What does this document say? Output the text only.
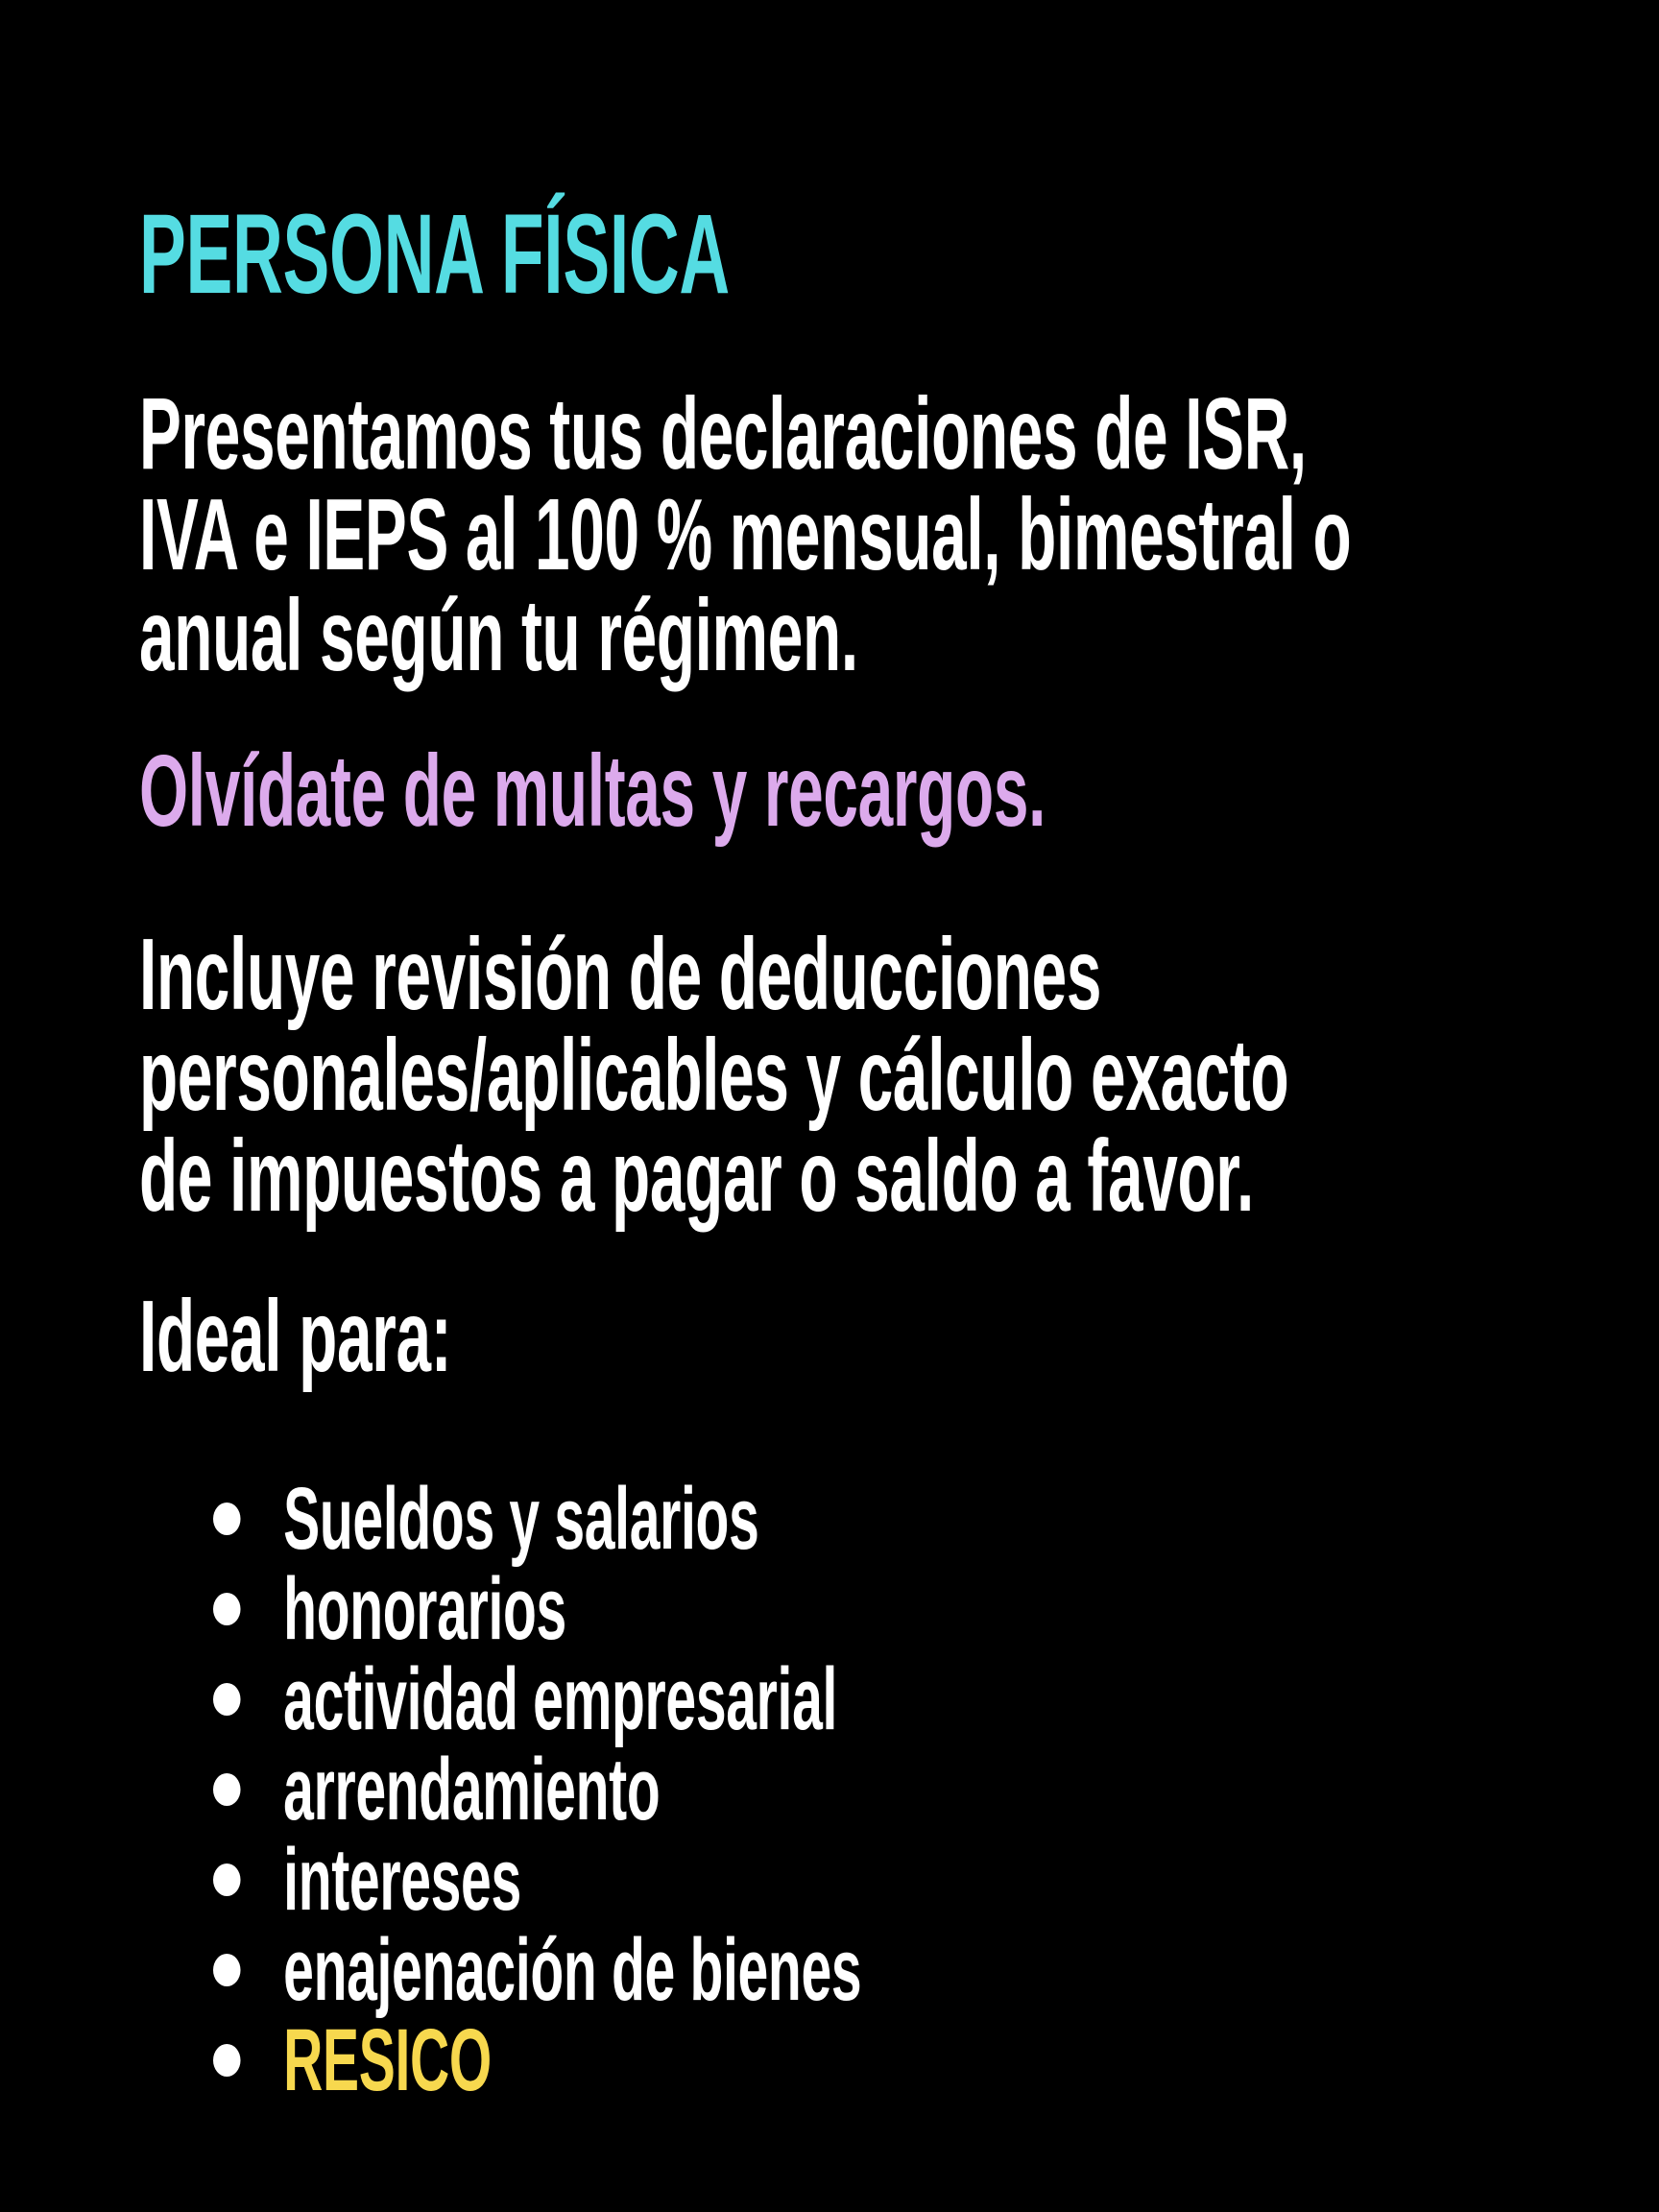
PERSONA FÍSICA
Presentamos tus declaraciones de ISR,
IVA e IEPS al 100 % mensual, bimestral o
anual según tu régimen.
Olvídate de multas y recargos.
Incluye revisión de deducciones
personales/aplicables y cálculo exacto
de impuestos a pagar o saldo a favor.
Ideal para:
Sueldos y salarios
honorarios
actividad empresarial
arrendamiento
intereses
enajenación de bienes
RESICO
